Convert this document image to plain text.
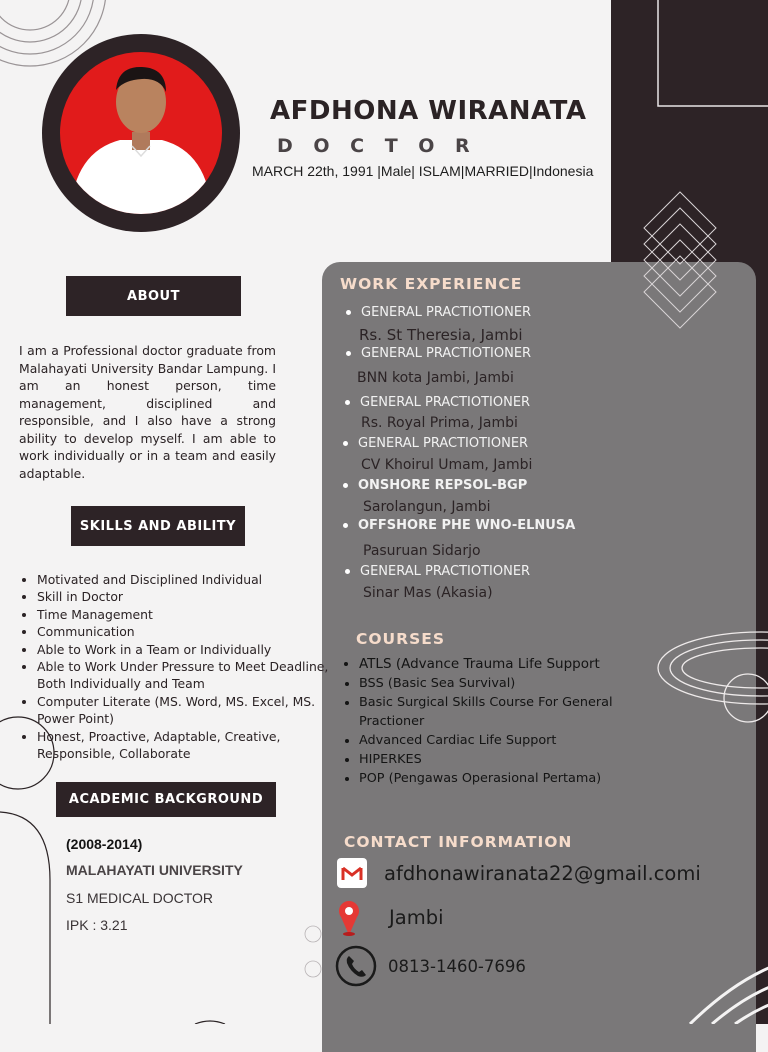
AFDHONA WIRANATA
D O C T O R
MARCH 22th, 1991 |Male| ISLAM|MARRIED|Indonesia
ABOUT
I am a Professional doctor graduate from Malahayati University Bandar Lampung. I am an honest person, time management, disciplined and responsible, and I also have a strong ability to develop myself. I am able to work individually or in a team and easily adaptable.
SKILLS AND ABILITY
• Motivated and Disciplined Individual
• Skill in Doctor
• Time Management
• Communication
• Able to Work in a Team or Individually
• Able to Work Under Pressure to Meet Deadline, Both Individually and Team
• Computer Literate (MS. Word, MS. Excel, MS. Power Point)
• Honest, Proactive, Adaptable, Creative, Responsible, Collaborate
ACADEMIC BACKGROUND
(2008-2014)
MALAHAYATI UNIVERSITY
S1 MEDICAL DOCTOR
IPK : 3.21
WORK EXPERIENCE
GENERAL PRACTIOTIONER
Rs. St Theresia, Jambi
GENERAL PRACTIOTIONER
BNN kota Jambi, Jambi
GENERAL PRACTIOTIONER
Rs. Royal Prima, Jambi
GENERAL PRACTIOTIONER
CV Khoirul Umam, Jambi
ONSHORE REPSOL-BGP
Sarolangun, Jambi
OFFSHORE PHE WNO-ELNUSA
Pasuruan Sidarjo
GENERAL PRACTIOTIONER
Sinar Mas (Akasia)
COURSES
• ATLS (Advance Trauma Life Support
• BSS (Basic Sea Survival)
• Basic Surgical Skills Course For General Practioner
• Advanced Cardiac Life Support
• HIPERKES
• POP (Pengawas Operasional Pertama)
CONTACT INFORMATION
afdhonawiranata22@gmail.comi
Jambi
0813-1460-7696
